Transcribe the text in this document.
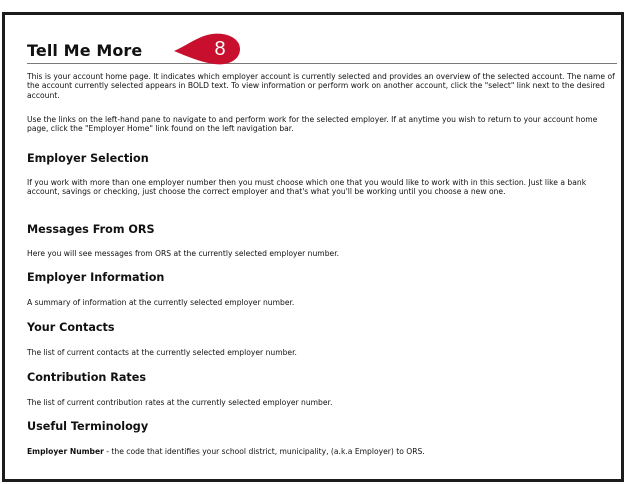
Tell Me More	8
This is your account home page. It indicates which employer account is currently selected and provides an overview of the selected account. The name of the account currently selected appears in BOLD text. To view information or perform work on another account, click the "select" link next to the desired account.
Use the links on the left-hand pane to navigate to and perform work for the selected employer. If at anytime you wish to return to your account home page, click the "Employer Home" link found on the left navigation bar.
Employer Selection
If you work with more than one employer number then you must choose which one that you would like to work with in this section. Just like a bank account, savings or checking, just choose the correct employer and that's what you'll be working until you choose a new one.
Messages From ORS
Here you will see messages from ORS at the currently selected employer number.
Employer Information
A summary of information at the currently selected employer number.
Your Contacts
The list of current contacts at the currently selected employer number.
Contribution Rates
The list of current contribution rates at the currently selected employer number.
Useful Terminology
Employer Number - the code that identifies your school district, municipality, (a.k.a Employer) to ORS.
